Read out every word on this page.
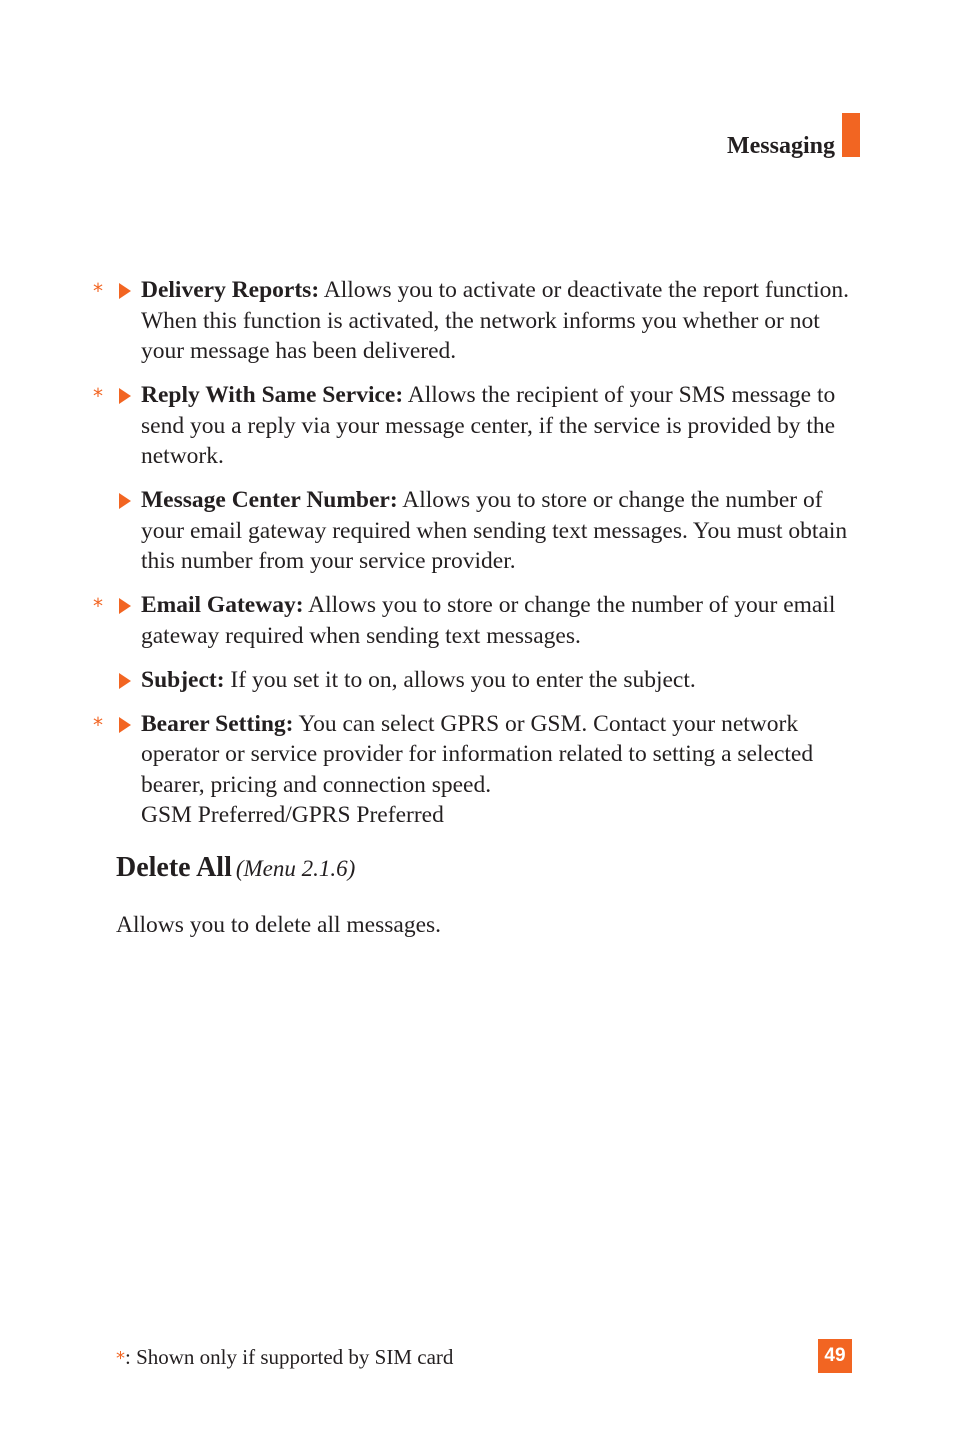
Messaging
* Delivery Reports: Allows you to activate or deactivate the report function. When this function is activated, the network informs you whether or not your message has been delivered.
* Reply With Same Service: Allows the recipient of your SMS message to send you a reply via your message center, if the service is provided by the network.
Message Center Number: Allows you to store or change the number of your email gateway required when sending text messages. You must obtain this number from your service provider.
* Email Gateway: Allows you to store or change the number of your email gateway required when sending text messages.
Subject: If you set it to on, allows you to enter the subject.
* Bearer Setting: You can select GPRS or GSM. Contact your network operator or service provider for information related to setting a selected bearer, pricing and connection speed.
GSM Preferred/GPRS Preferred
Delete All (Menu 2.1.6)
Allows you to delete all messages.
*: Shown only if supported by SIM card	49
